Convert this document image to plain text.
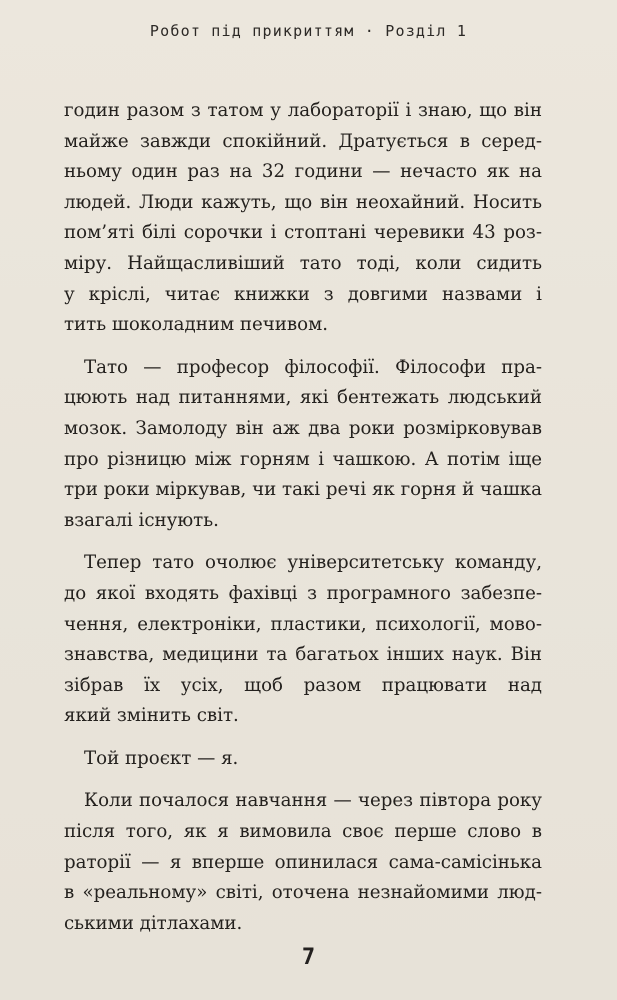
Робот під прикриттям · Розділ 1
годин разом з татом у лабораторії і знаю, що він
майже завжди спокійний. Дратується в серед-
ньому один раз на 32 години — нечасто як на
людей. Люди кажуть, що він неохайний. Носить
пом’яті білі сорочки і стоптані черевики 43 роз-
міру. Найщасливіший тато тоді, коли сидить
у кріслі, читає книжки з довгими назвами і
тить шоколадним печивом.
Тато — професор філософії. Філософи пра-
цюють над питаннями, які бентежать людський
мозок. Замолоду він аж два роки розмірковував
про різницю між горням і чашкою. А потім іще
три роки міркував, чи такі речі як горня й чашка
взагалі існують.
Тепер тато очолює університетську команду,
до якої входять фахівці з програмного забезпе-
чення, електроніки, пластики, психології, мово-
знавства, медицини та багатьох інших наук. Він
зібрав їх усіх, щоб разом працювати над
який змінить світ.
Той проєкт — я.
Коли почалося навчання — через півтора року
після того, як я вимовила своє перше слово в
раторії — я вперше опинилася сама-самісінька
в «реальному» світі, оточена незнайомими люд-
ськими дітлахами.
7
